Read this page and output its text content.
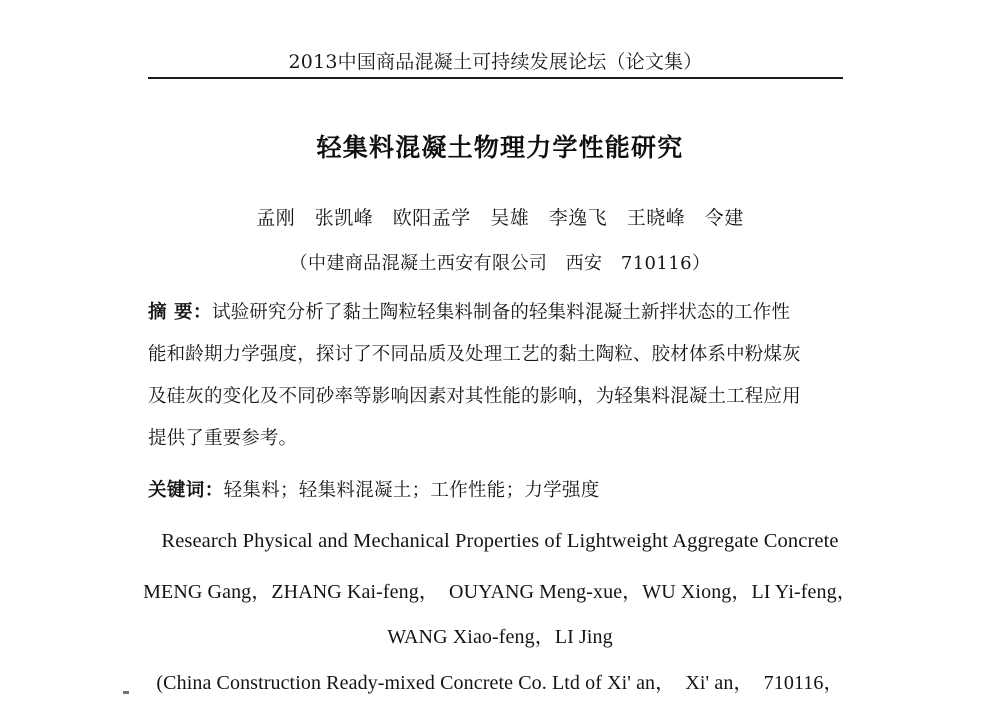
2013中国商品混凝土可持续发展论坛（论文集）
轻集料混凝土物理力学性能研究
孟刚　张凯峰　欧阳孟学　吴雄　李逸飞　王晓峰　令建
（中建商品混凝土西安有限公司　西安　710116）
摘 要：试验研究分析了黏土陶粒轻集料制备的轻集料混凝土新拌状态的工作性
能和龄期力学强度，探讨了不同品质及处理工艺的黏土陶粒、胶材体系中粉煤灰
及硅灰的变化及不同砂率等影响因素对其性能的影响，为轻集料混凝土工程应用
提供了重要参考。
关键词：轻集料；轻集料混凝土；工作性能；力学强度
Research Physical and Mechanical Properties of Lightweight Aggregate Concrete
MENG Gang，ZHANG Kai-feng，　OUYANG Meng-xue，WU Xiong，LI Yi-feng，
WANG Xiao-feng，LI Jing
(China Construction Ready-mixed Concrete Co. Ltd of Xi' an，　Xi' an，　710116，
